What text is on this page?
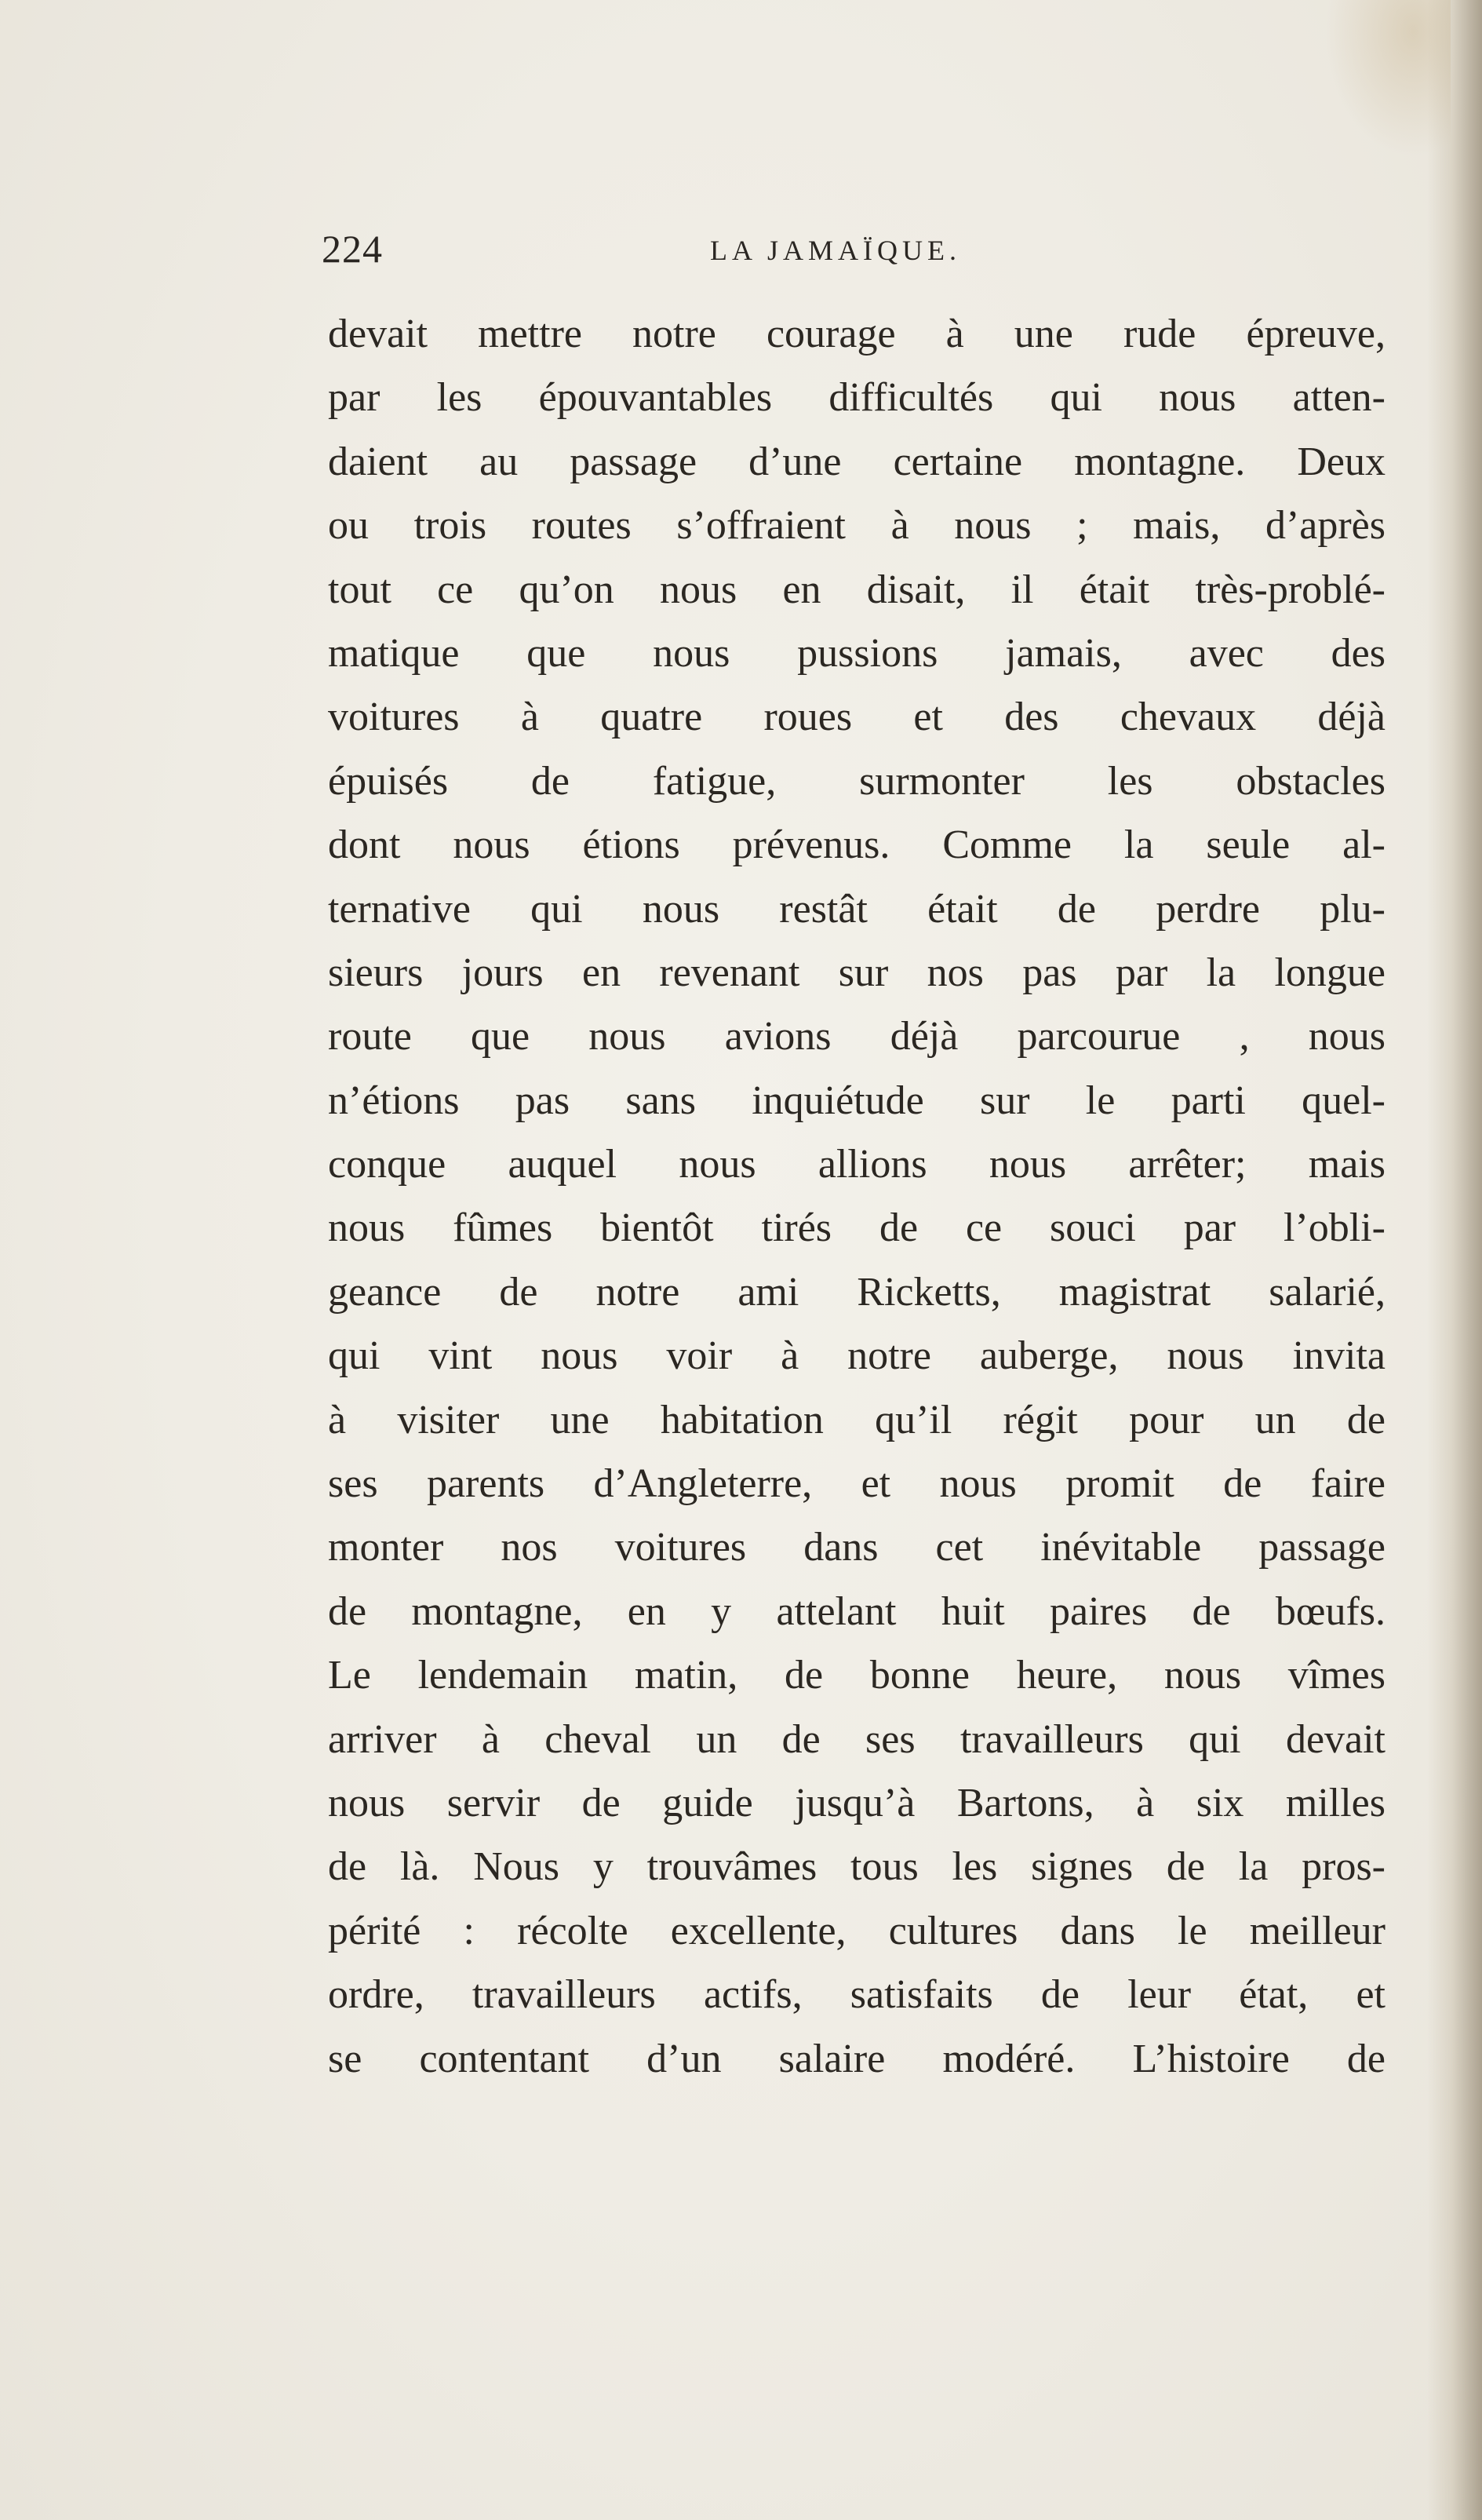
224	LA JAMAÏQUE.
devait mettre notre courage à une rude épreuve,
par les épouvantables difficultés qui nous atten-
daient au passage d’une certaine montagne. Deux
ou trois routes s’offraient à nous ; mais, d’après
tout ce qu’on nous en disait, il était très-problé-
matique que nous pussions jamais, avec des
voitures à quatre roues et des chevaux déjà
épuisés de fatigue, surmonter les obstacles
dont nous étions prévenus. Comme la seule al-
ternative qui nous restât était de perdre plu-
sieurs jours en revenant sur nos pas par la longue
route que nous avions déjà parcourue , nous
n’étions pas sans inquiétude sur le parti quel-
conque auquel nous allions nous arrêter; mais
nous fûmes bientôt tirés de ce souci par l’obli-
geance de notre ami Ricketts, magistrat salarié,
qui vint nous voir à notre auberge, nous invita
à visiter une habitation qu’il régit pour un de
ses parents d’Angleterre, et nous promit de faire
monter nos voitures dans cet inévitable passage
de montagne, en y attelant huit paires de bœufs.
Le lendemain matin, de bonne heure, nous vîmes
arriver à cheval un de ses travailleurs qui devait
nous servir de guide jusqu’à Bartons, à six milles
de là. Nous y trouvâmes tous les signes de la pros-
périté : récolte excellente, cultures dans le meilleur
ordre, travailleurs actifs, satisfaits de leur état, et
se contentant d’un salaire modéré. L’histoire de
